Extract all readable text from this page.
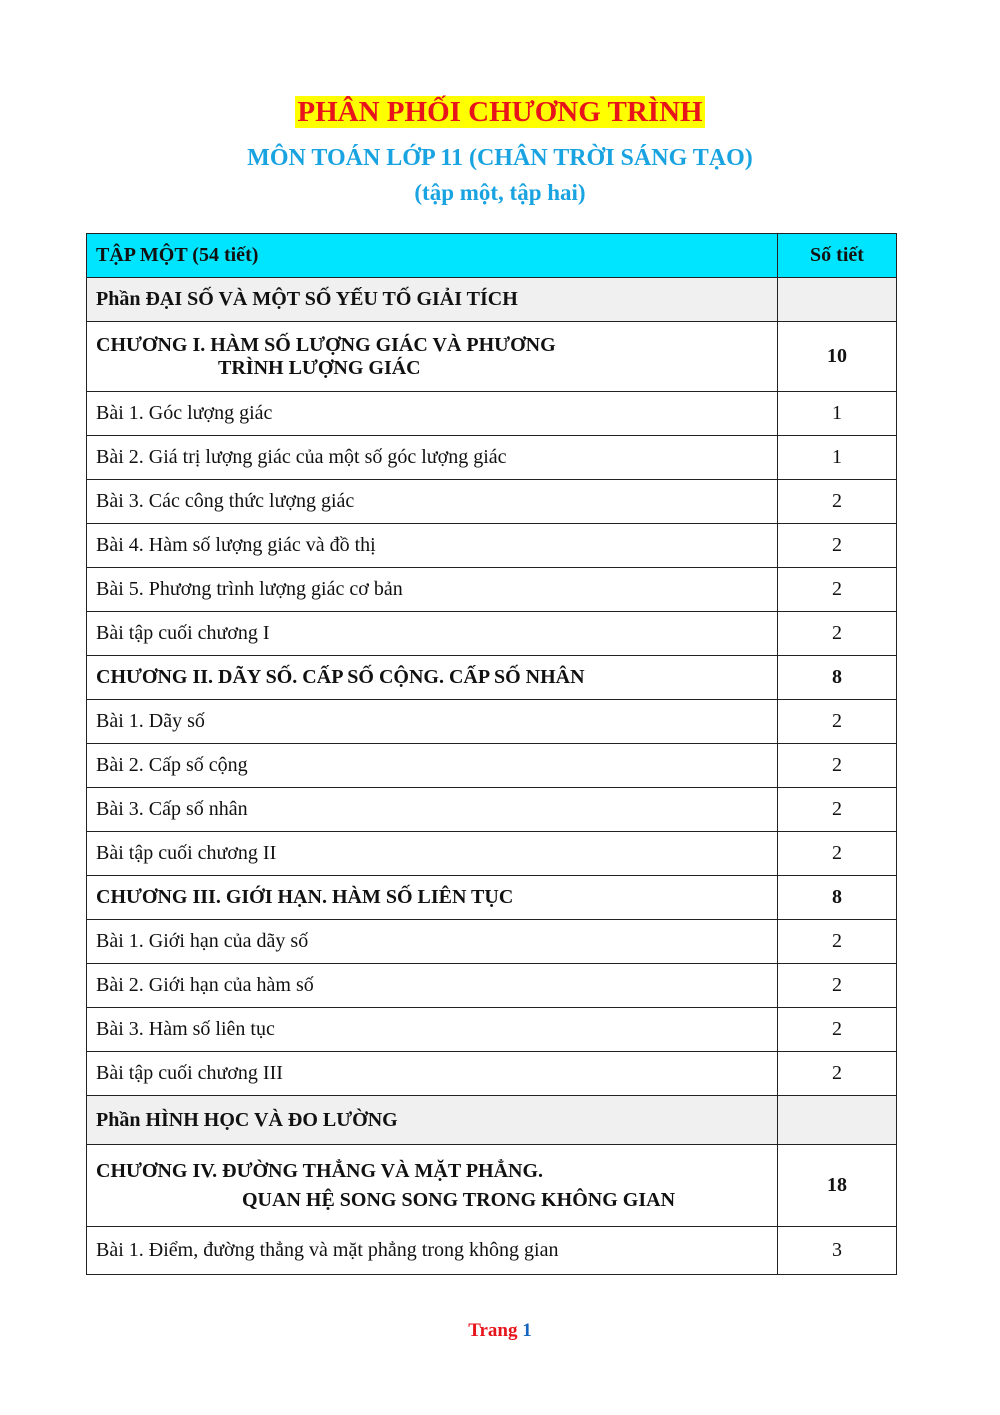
PHÂN PHỐI CHƯƠNG TRÌNH
MÔN TOÁN LỚP 11 (CHÂN TRỜI SÁNG TẠO)
(tập một, tập hai)
TẬP MỘT (54 tiết)	Số tiết
Phần ĐẠI SỐ VÀ MỘT SỐ YẾU TỐ GIẢI TÍCH	
CHƯƠNG I. HÀM SỐ LƯỢNG GIÁC VÀ PHƯƠNG
TRÌNH LƯỢNG GIÁC	10
Bài 1. Góc lượng giác	1
Bài 2. Giá trị lượng giác của một số góc lượng giác	1
Bài 3. Các công thức lượng giác	2
Bài 4. Hàm số lượng giác và đồ thị	2
Bài 5. Phương trình lượng giác cơ bản	2
Bài tập cuối chương I	2
CHƯƠNG II. DÃY SỐ. CẤP SỐ CỘNG. CẤP SỐ NHÂN	8
Bài 1. Dãy số	2
Bài 2. Cấp số cộng	2
Bài 3. Cấp số nhân	2
Bài tập cuối chương II	2
CHƯƠNG III. GIỚI HẠN. HÀM SỐ LIÊN TỤC	8
Bài 1. Giới hạn của dãy số	2
Bài 2. Giới hạn của hàm số	2
Bài 3. Hàm số liên tục	2
Bài tập cuối chương III	2
Phần HÌNH HỌC VÀ ĐO LƯỜNG	
CHƯƠNG IV. ĐƯỜNG THẲNG VÀ MẶT PHẲNG.
QUAN HỆ SONG SONG TRONG KHÔNG GIAN	18
Bài 1. Điểm, đường thẳng và mặt phẳng trong không gian	3
Trang 1
